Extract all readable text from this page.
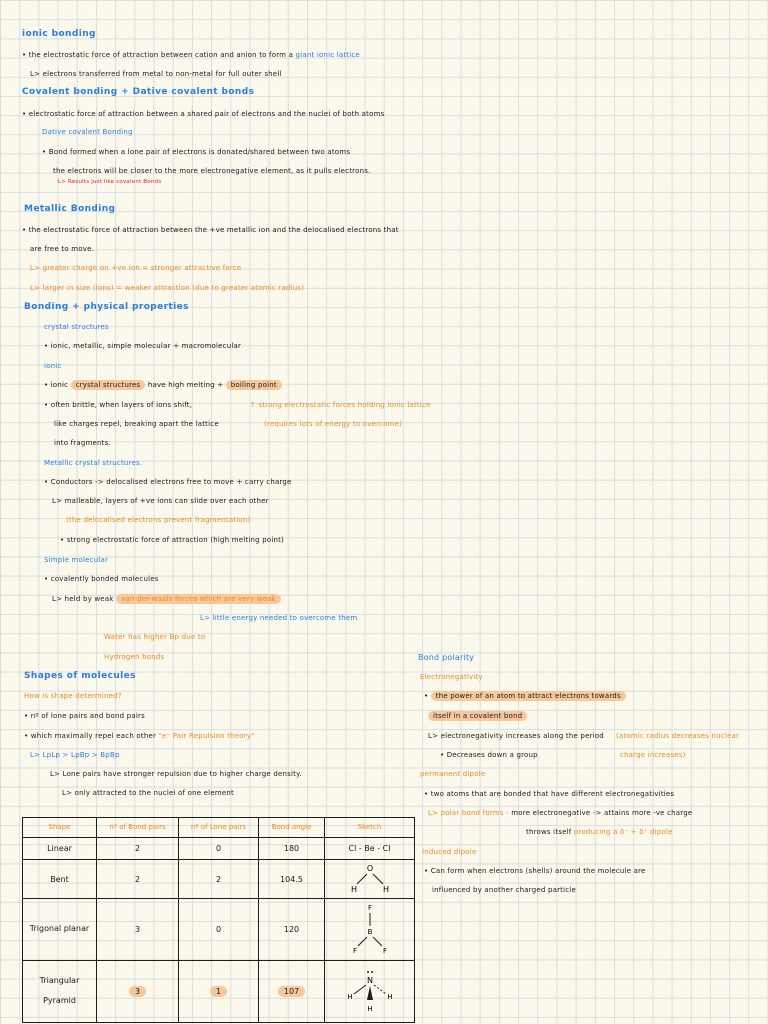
ionic bonding
• the electrostatic force of attraction between cation and anion to form a giant ionic lattice
L> electrons transferred from metal to non-metal for full outer shell
Covalent bonding + Dative covalent bonds
• electrostatic force of attraction between a shared pair of electrons and the nuclei of both atoms
Dative covalent Bonding
• Bond formed when a lone pair of electrons is donated/shared between two atoms
the electrons will be closer to the more electronegative element, as it pulls electrons.
L> Results just like covalent Bonds
Metallic Bonding
• the electrostatic force of attraction between the +ve metallic ion and the delocalised electrons that
are free to move.
L> greater charge on +ve ion = stronger attractive force
L> larger in size (ions) = weaker attraction (due to greater atomic radius)
Bonding + physical properties
crystal structures
• ionic, metallic, simple molecular + macromolecular
ionic
• ionic crystal structures have high melting + boiling point
• often brittle, when layers of ions shift,	↑ strong electrostatic forces holding ionic lattice
like charges repel, breaking apart the lattice	(requires lots of energy to overcome)
into fragments.
Metallic crystal structures.
• Conductors -> delocalised electrons free to move + carry charge
L> malleable, layers of +ve ions can slide over each other
(the delocalised electrons prevent fragmentation)
• strong electrostatic force of attraction (high melting point)
Simple molecular
• covalently bonded molecules
L> held by weak van-der-waals forces which are very weak
L> little energy needed to overcome them
Water has higher Bp due to
Hydrogen bonds
Shapes of molecules
How is shape determined?
• nº of lone pairs and bond pairs
• which maximally repel each other "e⁻ Pair Repulsion theory"
L> LpLp > LpBp > BpBp
L> Lone pairs have stronger repulsion due to higher charge density.
L> only attracted to the nuclei of one element
Bond polarity
Electronegativity
• the power of an atom to attract electrons towards
itself in a covalent bond
L> electronegativity increases along the period (atomic radius decreases nuclear
• Decreases down a group	charge increases)
permanent dipole
• two atoms that are bonded that have different electronegativities
L> polar bond forms - more electronegative -> attains more -ve charge
throws itself producing a δ⁻ + δ⁺ dipole
Induced dipole
• Can form when electrons (shells) around the molecule are
influenced by another charged particle
Shape	nº of Bond pairs	nº of Lone pairs	Bond angle	Sketch
Linear	2	0	180	Cl - Be - Cl
Bent	2	2	104.5	O
H H

Trigonal planar	3	0	120	F
B
F F

Triangular Pyramid	3	1	107	N
H H
H
